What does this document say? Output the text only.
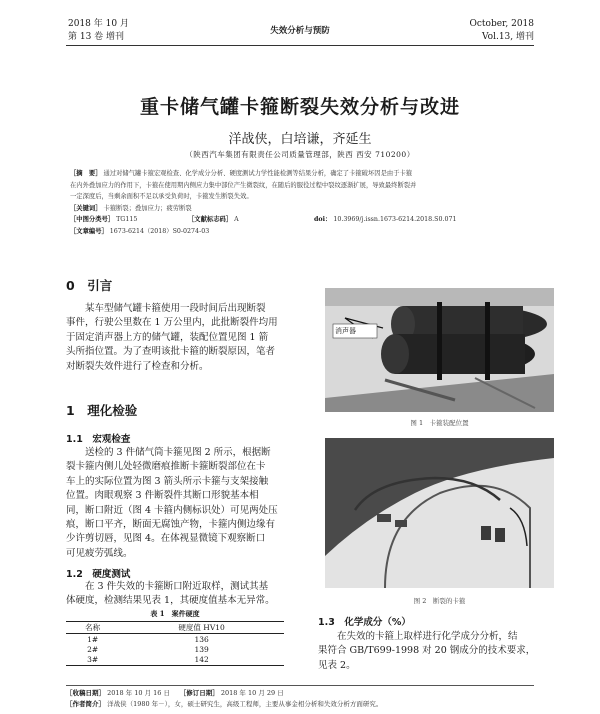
2018 年 10 月
第 13 卷 增刊
失效分析与预防
October, 2018
Vol.13, 增刊
重卡储气罐卡箍断裂失效分析与改进
洋战侠，白培谦，齐延生
（陕西汽车集团有限责任公司质量管理部，陕西 西安 710200）

［摘　要］ 通过对储气罐卡箍宏观检查、化学成分分析、硬度测试力学性能检测等结果分析，确定了卡箍破坏因是由于卡箍

在内外叠加应力的作用下，卡箍在使用期内侧应力集中部位产生微裂纹，在随后的服役过程中裂纹逐渐扩展，导致最终断裂并

一定深度后，当剩余面积不足以承受负荷时，卡箍发生断裂失效。

［关键词］ 卡箍断裂；叠加应力；疲劳断裂

［中图分类号］ TG115	［文献标志码］ A	doi： 10.3969/j.issn.1673-6214.2018.S0.071

［文章编号］ 1673-6214（2018）S0-0274-03

0　 引言

某车型储气罐卡箍使用一段时间后出现断裂

事件，行驶公里数在 1 万公里内，此批断裂件均用

于固定消声器上方的储气罐，装配位置见图 1 箭

头所指位置。为了查明该批卡箍的断裂原因，笔者

对断裂失效件进行了检查和分析。

1　 理化检验
1.1　 宏观检查

送检的 3 件储气筒卡箍见图 2 所示，根据断

裂卡箍内侧儿处轻微磨痕推断卡箍断裂部位在卡

车上的实际位置为图 3 箭头所示卡箍与支架接触

位置。肉眼观察 3 件断裂件其断口形貌基本相

同，断口附近（图 4 卡箍内侧标识处）可见两处压

痕，断口平齐，断面无腐蚀产物，卡箍内侧边缘有

少许剪切唇，见图 4。在体视显微镜下观察断口

可见疲劳弧线。

1.2　 硬度测试

在 3 件失效的卡箍断口附近取样，测试其基

体硬度，检测结果见表 1，其硬度值基本无异常。

表 1　案件硬度
名称	硬度值 HV10
1#	136
2#	139
3#	142
消声器
图 1　卡箍装配位置
图 2　断裂的卡箍
1.3　 化学成分（%）

在失效的卡箍上取样进行化学成分分析，结

果符合 GB/T699-1998 对 20 钢成分的技术要求，

见表 2。

［收稿日期］ 2018 年 10 月 16 日　　 ［修订日期］ 2018 年 10 月 29 日
［作者简介］ 洋战侠（1980 年－），女，硕士研究生，高级工程师，主要从事金相分析和失效分析方面研究。
